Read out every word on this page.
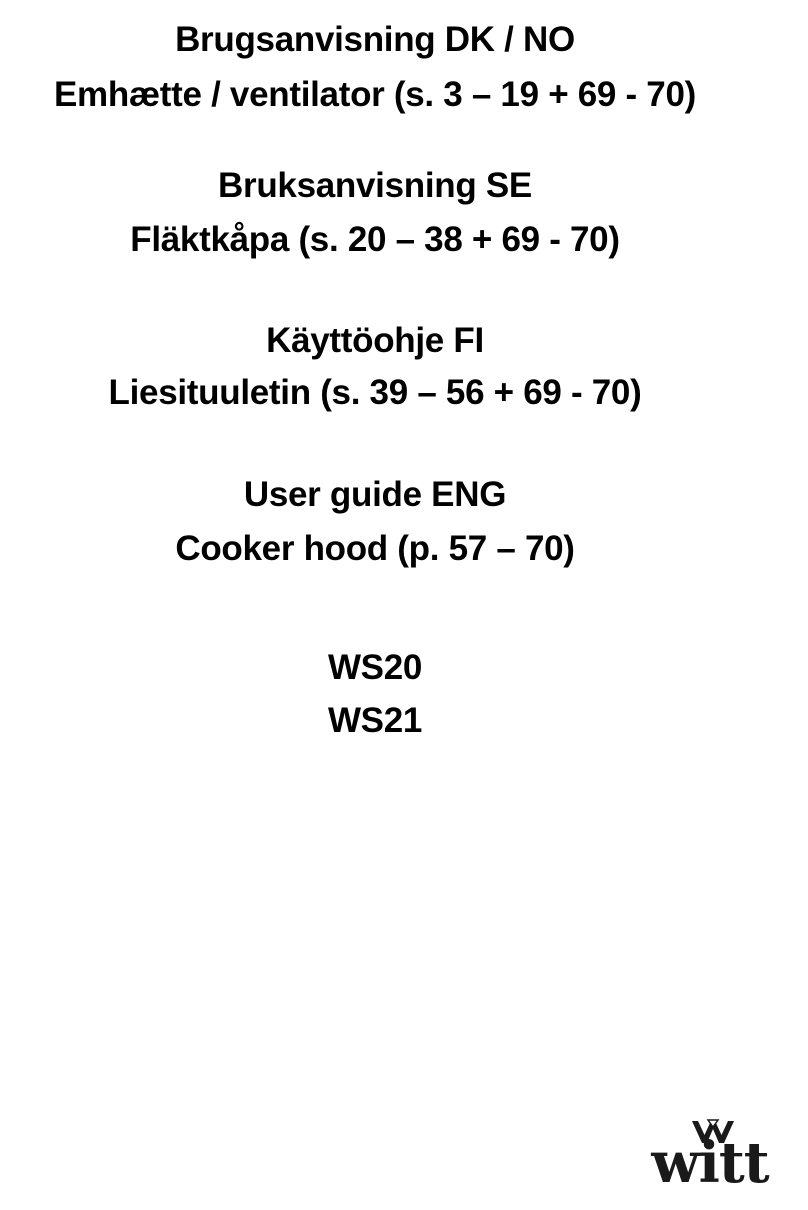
Brugsanvisning DK / NO
Emhætte / ventilator (s. 3 – 19 + 69 - 70)
Bruksanvisning SE
Fläktkåpa (s. 20 – 38 + 69 - 70)
Käyttöohje FI
Liesituuletin (s. 39 – 56 + 69 - 70)
User guide ENG
Cooker hood (p. 57 – 70)
WS20
WS21
witt
